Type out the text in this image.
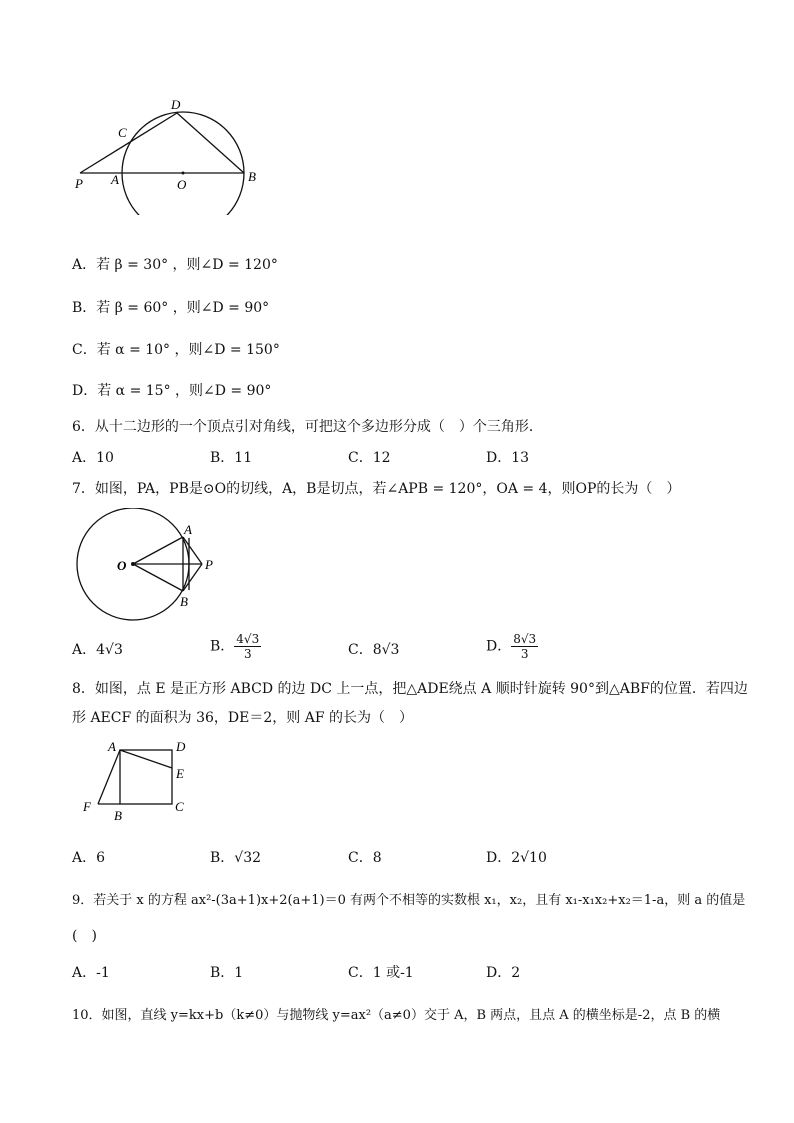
D
C
P A	O
B
A．若 β = 30° ，则∠D = 120°
B．若 β = 60° ，则∠D = 90°
C．若 α = 10° ，则∠D = 150°
D．若 α = 15° ，则∠D = 90°
6．从十二边形的一个顶点引对角线，可把这个多边形分成（　）个三角形．
A．10	B．11	C．12	D．13
7．如图，PA，PB是⊙O的切线，A，B是切点，若∠APB = 120°，OA = 4，则OP的长为（　）
O
A
B
P
A．4√3	B． $\frac{4√3}{3}$	C．8√3	D． $\frac{8√3}{3}$
8．如图，点 E 是正方形 ABCD 的边 DC 上一点，把△ADE绕点 A 顺时针旋转 90°到△ABF的位置．若四边
形 AECF 的面积为 36，DE＝2，则 AF 的长为（　）
A	D
E
F
B
C
A．6	B．√32	C．8	D．2√10
9．若关于 x 的方程 ax²-(3a+1)x+2(a+1)＝0 有两个不相等的实数根 x₁，x₂，且有 x₁-x₁x₂+x₂＝1-a，则 a 的值是
(　)
A．-1	B．1	C．1 或-1	D．2
10．如图，直线 y=kx+b（k≠0）与抛物线 y=ax²（a≠0）交于 A，B 两点，且点 A 的横坐标是-2，点 B 的横
